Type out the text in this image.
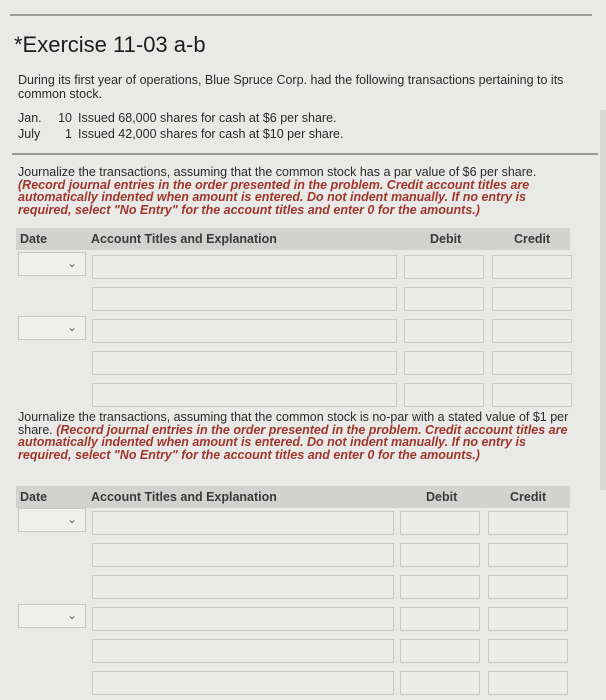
*Exercise 11-03 a-b
During its first year of operations, Blue Spruce Corp. had the following transactions pertaining to its common stock.
Jan. 10 Issued 68,000 shares for cash at $6 per share.
July 1 Issued 42,000 shares for cash at $10 per share.
Journalize the transactions, assuming that the common stock has a par value of $6 per share. (Record journal entries in the order presented in the problem. Credit account titles are automatically indented when amount is entered. Do not indent manually. If no entry is required, select "No Entry" for the account titles and enter 0 for the amounts.)
Date	Account Titles and Explanation	Debit	Credit
⌄
⌄
Journalize the transactions, assuming that the common stock is no-par with a stated value of $1 per share. (Record journal entries in the order presented in the problem. Credit account titles are automatically indented when amount is entered. Do not indent manually. If no entry is required, select "No Entry" for the account titles and enter 0 for the amounts.)
Date	Account Titles and Explanation	Debit	Credit
⌄
⌄
